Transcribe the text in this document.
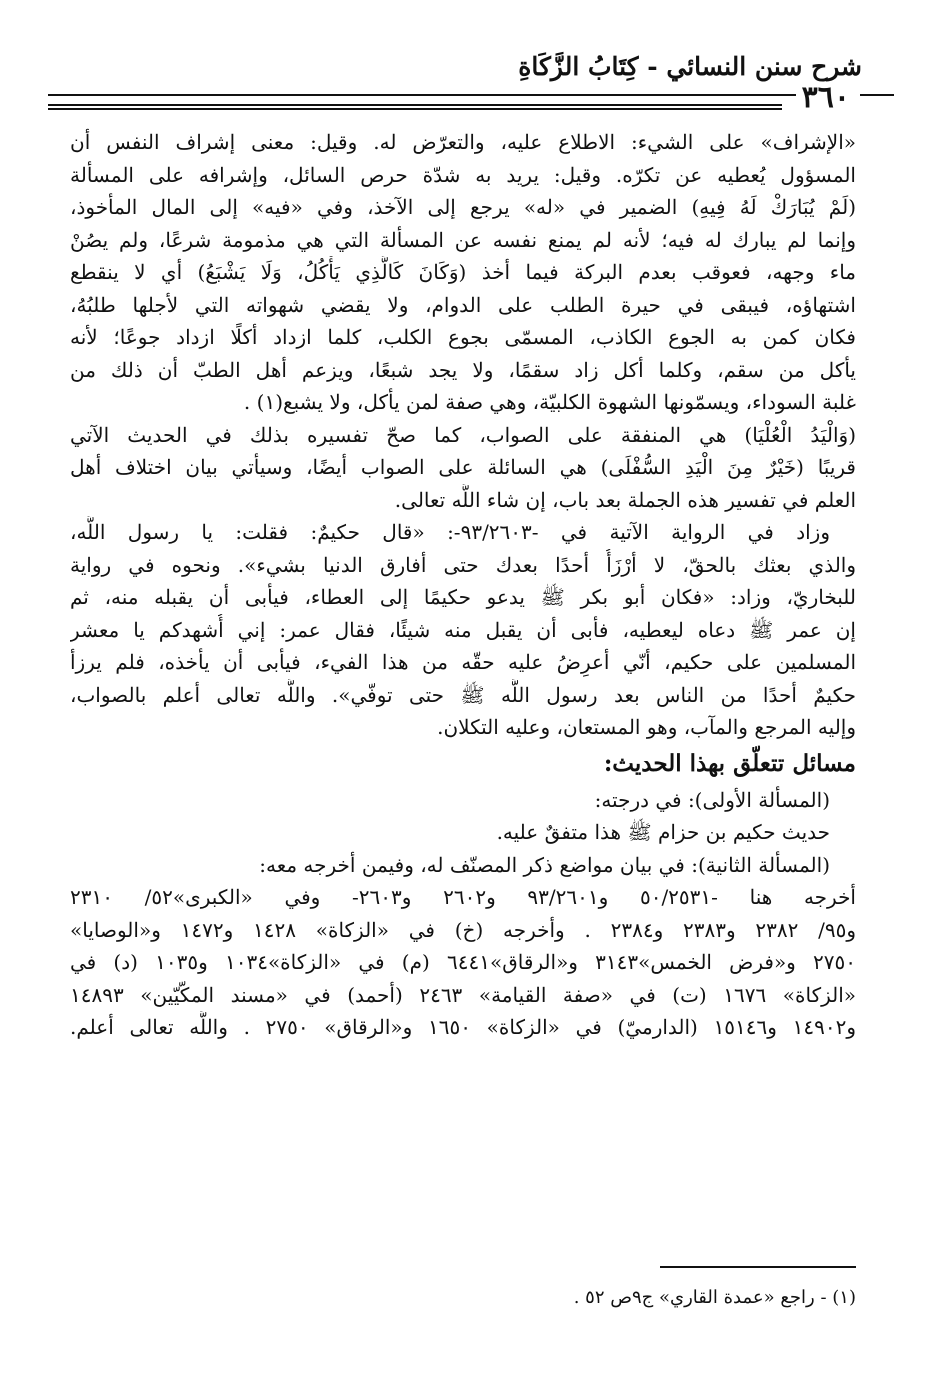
شرح سنن النسائي - كِتَابُ الزَّكَاةِ
٣٦٠
«الإشراف» على الشيء: الاطلاع عليه، والتعرّض له. وقيل: معنى إشراف النفس أن
المسؤول يُعطيه عن تكرّه. وقيل: يريد به شدّة حرص السائل، وإشرافه على المسألة
(لَمْ يُبَارَكْ لَهُ فِيهِ) الضمير في «له» يرجع إلى الآخذ، وفي «فيه» إلى المال المأخوذ،
وإنما لم يبارك له فيه؛ لأنه لم يمنع نفسه عن المسألة التي هي مذمومة شرعًا، ولم يصُنْ
ماء وجهه، فعوقب بعدم البركة فيما أخذ (وَكَانَ كَالَّذِي يَأْكُلُ، وَلَا يَشْبَعُ) أي لا ينقطع
اشتهاؤه، فيبقى في حيرة الطلب على الدوام، ولا يقضي شهواته التي لأجلها طلبُهُ،
فكان كمن به الجوع الكاذب، المسمّى بجوع الكلب، كلما ازداد أكلًا ازداد جوعًا؛ لأنه
يأكل من سقم، وكلما أكل زاد سقمًا، ولا يجد شبعًا، ويزعم أهل الطبّ أن ذلك من
غلبة السوداء، ويسمّونها الشهوة الكلبيّة، وهي صفة لمن يأكل، ولا يشبع(١) .
(وَالْيَدُ الْعُلْيَا) هي المنفقة على الصواب، كما صحّ تفسيره بذلك في الحديث الآتي
قريبًا (خَيْرٌ مِنَ الْيَدِ السُّفْلَى) هي السائلة على الصواب أيضًا، وسيأتي بيان اختلاف أهل
العلم في تفسير هذه الجملة بعد باب، إن شاء اللَّه تعالى.
وزاد في الرواية الآتية في -٩٣/٢٦٠٣-: «قال حكيمٌ: فقلت: يا رسول اللَّه،
والذي بعثك بالحقّ، لا أرْزَأُ أحدًا بعدك حتى أفارق الدنيا بشيء». ونحوه في رواية
للبخاريّ، وزاد: «فكان أبو بكر ﷺ يدعو حكيمًا إلى العطاء، فيأبى أن يقبله منه، ثم
إن عمر ﷺ دعاه ليعطيه، فأبى أن يقبل منه شيئًا، فقال عمر: إني أُشهدكم يا معشر
المسلمين على حكيم، أنّي أعرِضُ عليه حقّه من هذا الفيء، فيأبى أن يأخذه، فلم يرزأ
حكيمٌ أحدًا من الناس بعد رسول اللَّه ﷺ حتى توفّي». واللَّه تعالى أعلم بالصواب،
وإليه المرجع والمآب، وهو المستعان، وعليه التكلان.
مسائل تتعلّق بهذا الحديث:
(المسألة الأولى): في درجته:
حديث حكيم بن حزام ﷺ هذا متفقٌ عليه.
(المسألة الثانية): في بيان مواضع ذكر المصنّف له، وفيمن أخرجه معه:
أخرجه هنا -٥٠/٢٥٣١ و٩٣/٢٦٠١ و٢٦٠٢ و٢٦٠٣- وفي «الكبرى»٥٢/ ٢٣١٠
و٩٥/ ٢٣٨٢ و٢٣٨٣ و٢٣٨٤ . وأخرجه (خ) في «الزكاة» ١٤٢٨ و١٤٧٢ و«الوصايا»
٢٧٥٠ و«فرض الخمس»٣١٤٣ و«الرقاق»٦٤٤١ (م) في «الزكاة»١٠٣٤ و١٠٣٥ (د) في
«الزكاة» ١٦٧٦ (ت) في «صفة القيامة» ٢٤٦٣ (أحمد) في «مسند المكّيّين» ١٤٨٩٣
و١٤٩٠٢ و١٥١٤٦ (الدارميّ) في «الزكاة» ١٦٥٠ و«الرقاق» ٢٧٥٠ . واللَّه تعالى أعلم.
(١) - راجع «عمدة القاري» ج٩ص ٥٢ .
